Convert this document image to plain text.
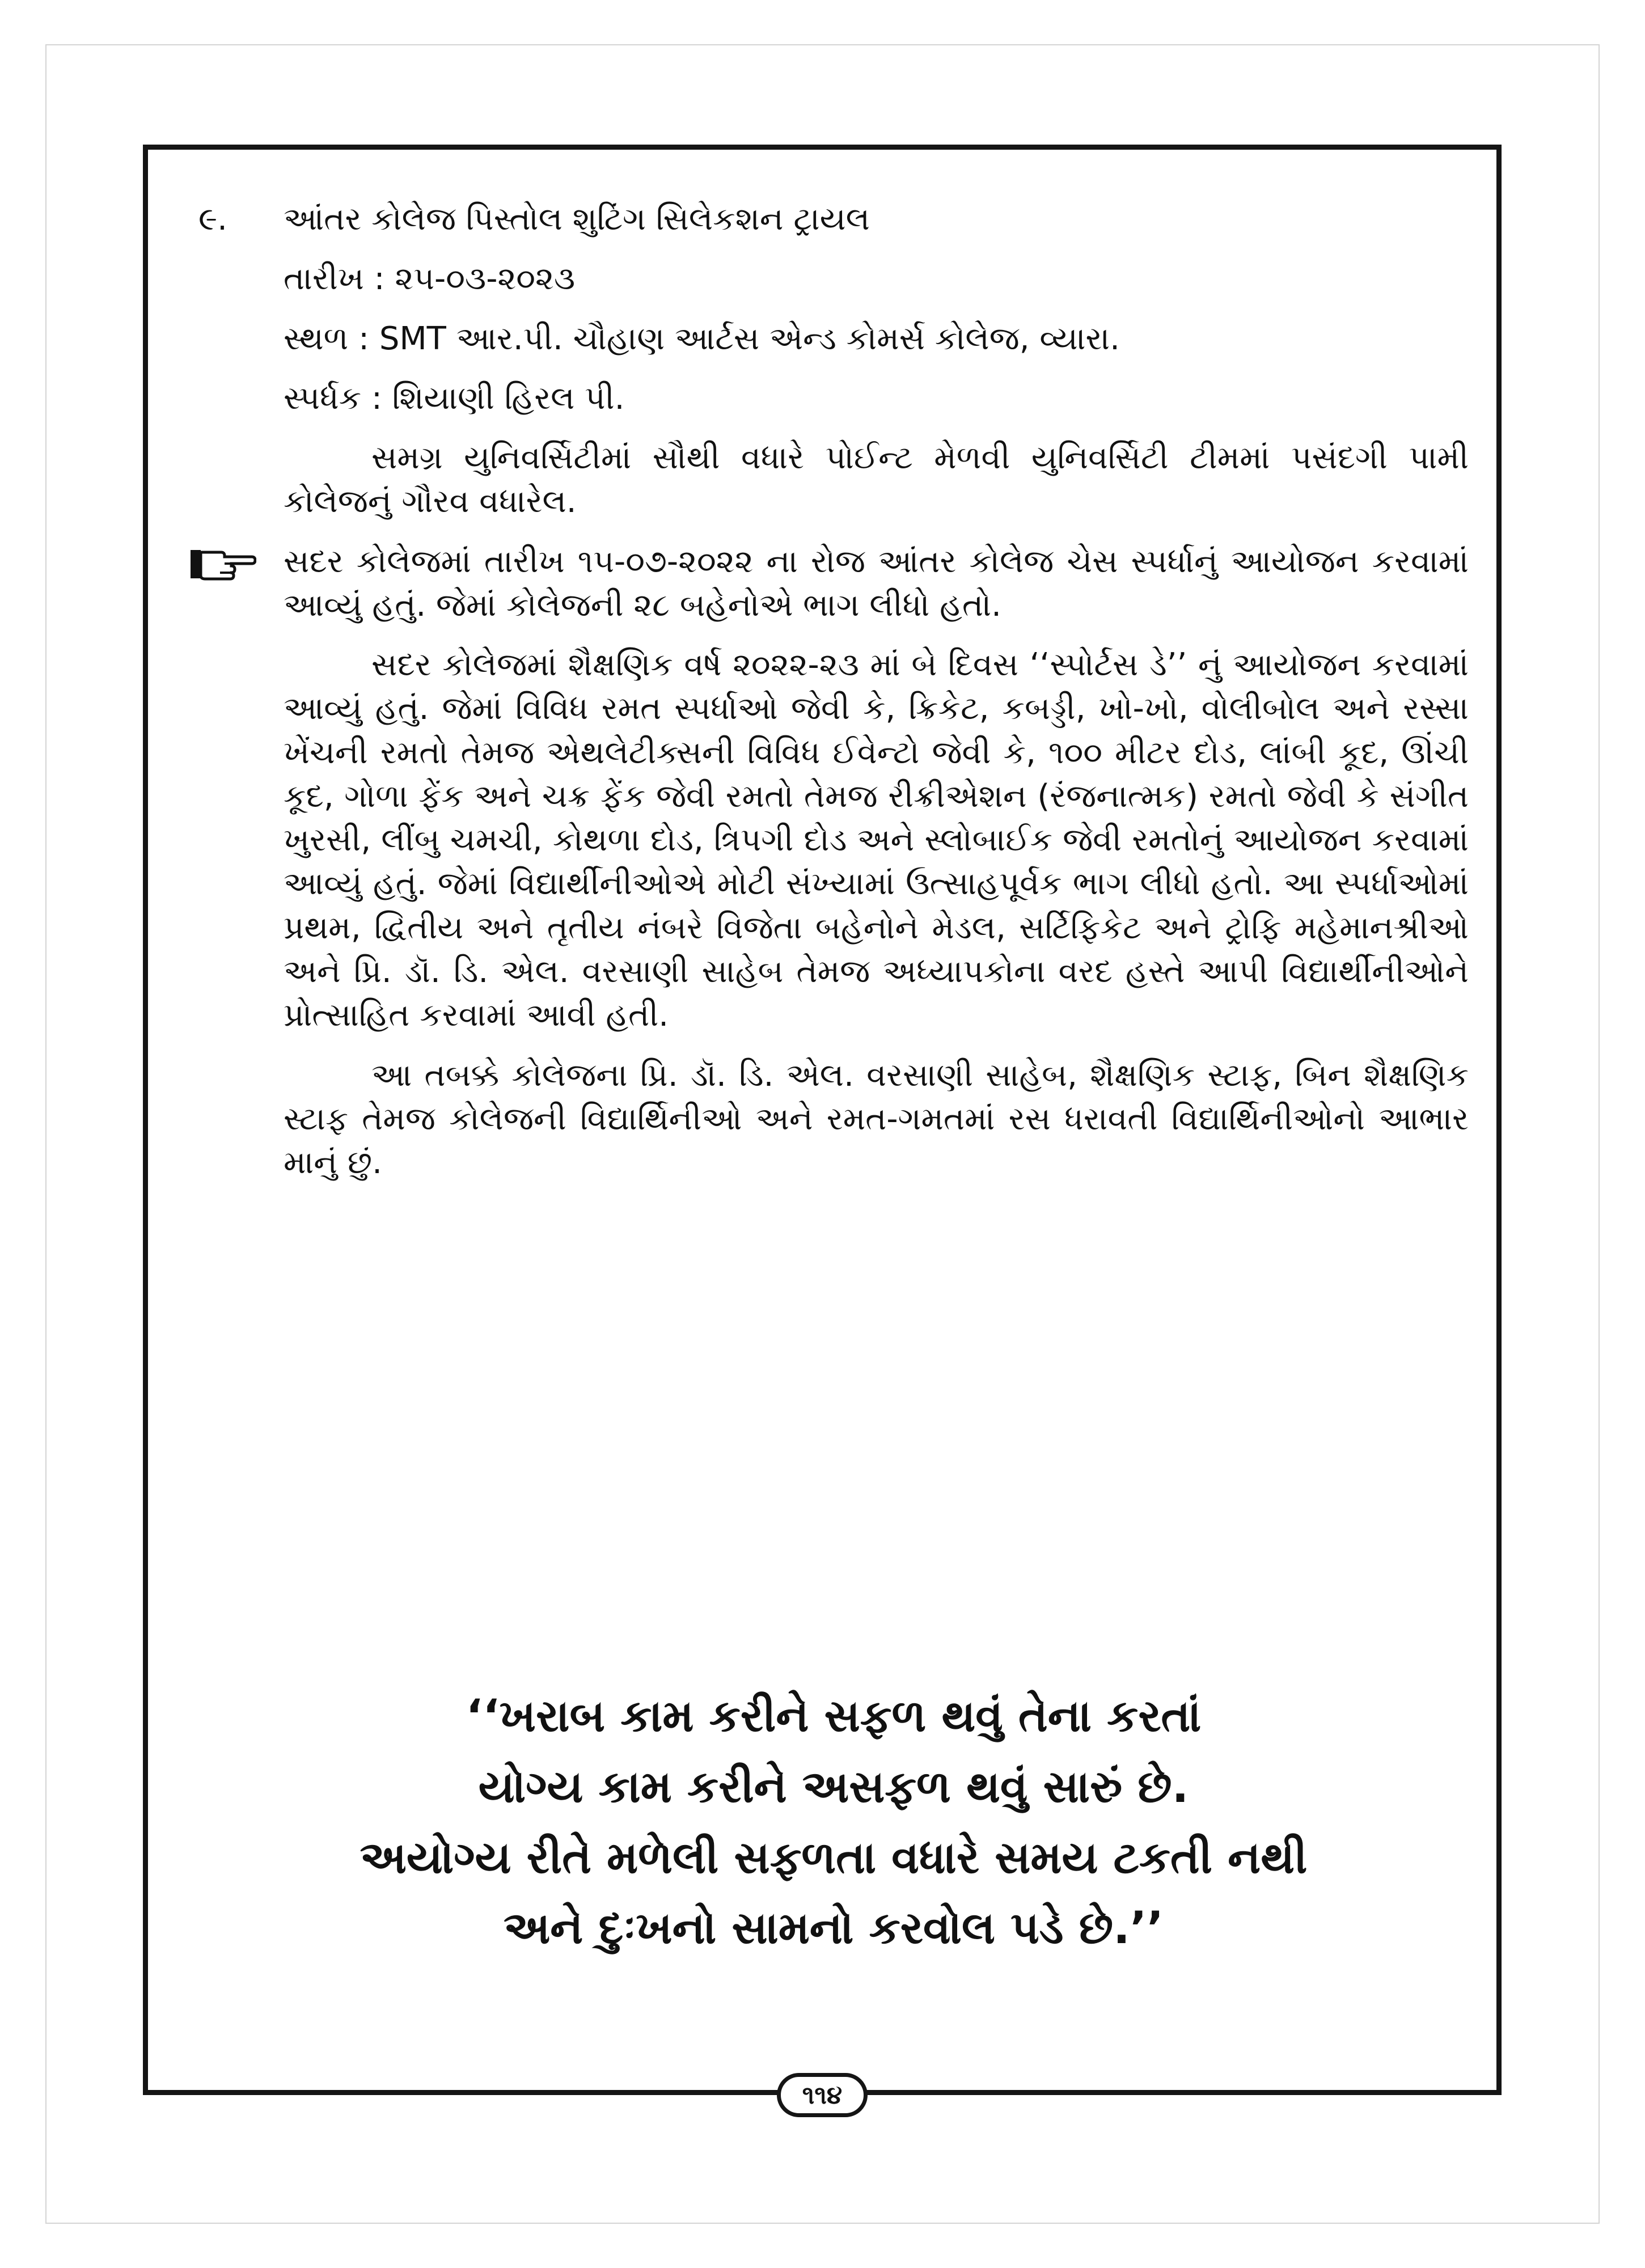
૯.	આંતર કોલેજ પિસ્તોલ શુટિંગ સિલેકશન ટ્રાયલ
તારીખ : ૨૫-૦૩-૨૦૨૩
સ્થળ : SMT આર.પી. ચૌહાણ આર્ટસ એન્ડ કોમર્સ કોલેજ, વ્યારા.
સ્પર્ધક : શિયાણી હિરલ પી.

સમગ્ર યુનિવર્સિટીમાં સૌથી વધારે પોઈન્ટ મેળવી યુનિવર્સિટી ટીમમાં પસંદગી પામી કોલેજનું ગૌરવ વધારેલ.

સદર કોલેજમાં તારીખ ૧૫-૦૭-૨૦૨૨ ના રોજ આંતર કોલેજ ચેસ સ્પર્ધાનું આયોજન કરવામાં આવ્યું હતું. જેમાં કોલેજની ૨૮ બહેનોએ ભાગ લીધો હતો.

સદર કોલેજમાં શૈક્ષણિક વર્ષ ૨૦૨૨-૨૩ માં બે દિવસ ‘‘સ્પોર્ટસ ડે’’ નું આયોજન કરવામાં આવ્યું હતું. જેમાં વિવિધ રમત સ્પર્ધાઓ જેવી કે, ક્રિકેટ, કબડ્ડી, ખો-ખો, વોલીબોલ અને રસ્સા ખેંચની રમતો તેમજ એથલેટીક્સની વિવિધ ઈવેન્ટો જેવી કે, ૧૦૦ મીટર દોડ, લાંબી કૂદ, ઊંચી કૂદ, ગોળા ફેંક અને ચક્ર ફેંક જેવી રમતો તેમજ રીક્રીએશન (રંજનાત્મક) રમતો જેવી કે સંગીત ખુરસી, લીંબુ ચમચી, કોથળા દોડ, ત્રિપગી દોડ અને સ્લોબાઈક જેવી રમતોનું આયોજન કરવામાં આવ્યું હતું. જેમાં વિદ્યાર્થીનીઓએ મોટી સંખ્યામાં ઉત્સાહપૂર્વક ભાગ લીધો હતો. આ સ્પર્ધાઓમાં પ્રથમ, દ્વિતીય અને તૃતીય નંબરે વિજેતા બહેનોને મેડલ, સર્ટિફિકેટ અને ટ્રોફિ મહેમાનશ્રીઓ અને પ્રિ. ડૉ. ડિ. એલ. વરસાણી સાહેબ તેમજ અધ્યાપકોના વરદ હસ્તે આપી વિદ્યાર્થીનીઓને પ્રોત્સાહિત કરવામાં આવી હતી.

આ તબક્કે કોલેજના પ્રિ. ડૉ. ડિ. એલ. વરસાણી સાહેબ, શૈક્ષણિક સ્ટાફ, બિન શૈક્ષણિક સ્ટાફ તેમજ કોલેજની વિદ્યાર્થિનીઓ અને રમત-ગમતમાં રસ ધરાવતી વિદ્યાર્થિનીઓનો આભાર માનું છું.

‘‘ખરાબ કામ કરીને સફળ થવું તેના કરતાં
યોગ્ય કામ કરીને અસફળ થવું સારું છે.
અયોગ્ય રીતે મળેલી સફળતા વધારે સમય ટકતી નથી
અને દુઃખનો સામનો કરવોલ પડે છે.’’
૧૧૪
